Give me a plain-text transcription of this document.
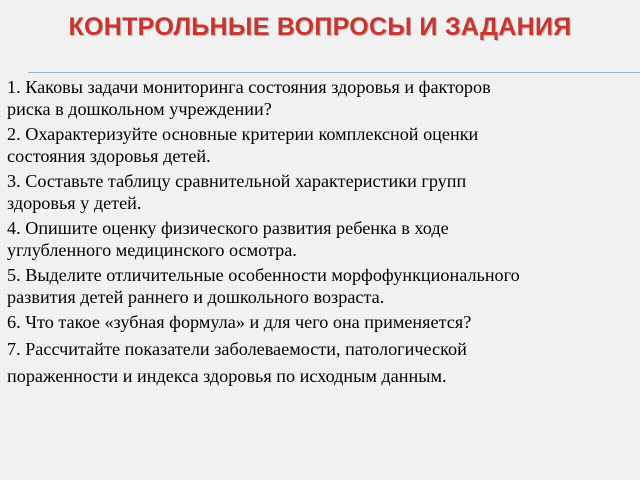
КОНТРОЛЬНЫЕ ВОПРОСЫ И ЗАДАНИЯ
1. Каковы задачи мониторинга состояния здоровья и факторов
риска в дошкольном учреждении?
2. Охарактеризуйте основные критерии комплексной оценки
состояния здоровья детей.
3. Составьте таблицу сравнительной характеристики групп
здоровья у детей.
4. Опишите оценку физического развития ребенка в ходе
углубленного медицинского осмотра.
5. Выделите отличительные особенности морфофункционального
развития детей раннего и дошкольного возраста.
6. Что такое «зубная формула» и для чего она применяется?
7. Рассчитайте показатели заболеваемости, патологической
пораженности и индекса здоровья по исходным данным.
